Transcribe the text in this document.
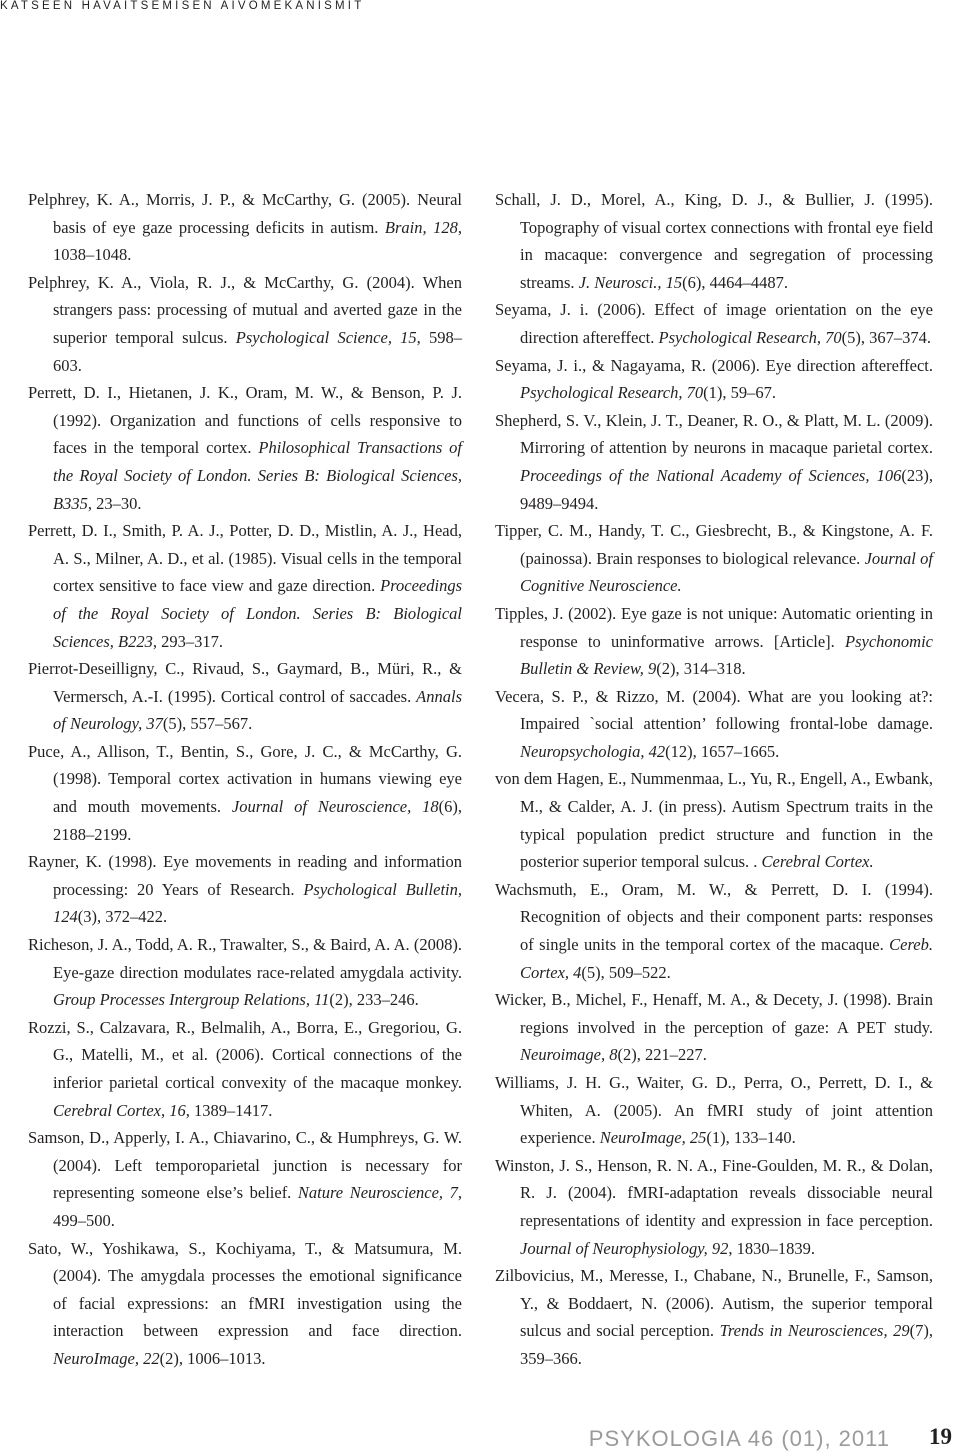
KATSEEN HAVAITSEMISEN AIVOMEKANISMIT

Pelphrey, K. A., Morris, J. P., & McCarthy, G. (2005). Neural basis of eye gaze processing deficits in autism. Brain, 128, 1038–1048.

Pelphrey, K. A., Viola, R. J., & McCarthy, G. (2004). When strangers pass: processing of mutual and averted gaze in the superior temporal sulcus. Psychological Science, 15, 598–603.

Perrett, D. I., Hietanen, J. K., Oram, M. W., & Benson, P. J. (1992). Organization and functions of cells responsive to faces in the temporal cortex. Philosophical Transactions of the Royal Society of London. Series B: Biological Sciences, B335, 23–30.

Perrett, D. I., Smith, P. A. J., Potter, D. D., Mistlin, A. J., Head, A. S., Milner, A. D., et al. (1985). Visual cells in the temporal cortex sensitive to face view and gaze direction. Proceedings of the Royal Society of London. Series B: Biological Sciences, B223, 293–317.

Pierrot-Deseilligny, C., Rivaud, S., Gaymard, B., Müri, R., & Vermersch, A.-I. (1995). Cortical control of saccades. Annals of Neurology, 37(5), 557–567.

Puce, A., Allison, T., Bentin, S., Gore, J. C., & McCarthy, G. (1998). Temporal cortex activation in humans viewing eye and mouth movements. Journal of Neuroscience, 18(6), 2188–2199.

Rayner, K. (1998). Eye movements in reading and information processing: 20 Years of Research. Psychological Bulletin, 124(3), 372–422.

Richeson, J. A., Todd, A. R., Trawalter, S., & Baird, A. A. (2008). Eye-gaze direction modulates race-related amygdala activity. Group Processes Intergroup Relations, 11(2), 233–246.

Rozzi, S., Calzavara, R., Belmalih, A., Borra, E., Gregoriou, G. G., Matelli, M., et al. (2006). Cortical connections of the inferior parietal cortical convexity of the macaque monkey. Cerebral Cortex, 16, 1389–1417.

Samson, D., Apperly, I. A., Chiavarino, C., & Humphreys, G. W. (2004). Left temporoparietal junction is necessary for representing someone else’s belief. Nature Neuroscience, 7, 499–500.

Sato, W., Yoshikawa, S., Kochiyama, T., & Matsumura, M. (2004). The amygdala processes the emotional significance of facial expressions: an fMRI investigation using the interaction between expression and face direction. NeuroImage, 22(2), 1006–1013.

Schall, J. D., Morel, A., King, D. J., & Bullier, J. (1995). Topography of visual cortex connections with frontal eye field in macaque: convergence and segregation of processing streams. J. Neurosci., 15(6), 4464–4487.

Seyama, J. i. (2006). Effect of image orientation on the eye direction aftereffect. Psychological Research, 70(5), 367–374.

Seyama, J. i., & Nagayama, R. (2006). Eye direction aftereffect. Psychological Research, 70(1), 59–67.

Shepherd, S. V., Klein, J. T., Deaner, R. O., & Platt, M. L. (2009). Mirroring of attention by neurons in macaque parietal cortex. Proceedings of the National Academy of Sciences, 106(23), 9489–9494.

Tipper, C. M., Handy, T. C., Giesbrecht, B., & Kingstone, A. F. (painossa). Brain responses to biological relevance. Journal of Cognitive Neuroscience.

Tipples, J. (2002). Eye gaze is not unique: Automatic orienting in response to uninformative arrows. [Article]. Psychonomic Bulletin & Review, 9(2), 314–318.

Vecera, S. P., & Rizzo, M. (2004). What are you looking at?: Impaired `social attention’ following frontal-lobe damage. Neuropsychologia, 42(12), 1657–1665.

von dem Hagen, E., Nummenmaa, L., Yu, R., Engell, A., Ewbank, M., & Calder, A. J. (in press). Autism Spectrum traits in the typical population predict structure and function in the posterior superior temporal sulcus. . Cerebral Cortex.

Wachsmuth, E., Oram, M. W., & Perrett, D. I. (1994). Recognition of objects and their component parts: responses of single units in the temporal cortex of the macaque. Cereb. Cortex, 4(5), 509–522.

Wicker, B., Michel, F., Henaff, M. A., & Decety, J. (1998). Brain regions involved in the perception of gaze: A PET study. Neuroimage, 8(2), 221–227.

Williams, J. H. G., Waiter, G. D., Perra, O., Perrett, D. I., & Whiten, A. (2005). An fMRI study of joint attention experience. NeuroImage, 25(1), 133–140.

Winston, J. S., Henson, R. N. A., Fine-Goulden, M. R., & Dolan, R. J. (2004). fMRI-adaptation reveals dissociable neural representations of identity and expression in face perception. Journal of Neurophysiology, 92, 1830–1839.

Zilbovicius, M., Meresse, I., Chabane, N., Brunelle, F., Samson, Y., & Boddaert, N. (2006). Autism, the superior temporal sulcus and social perception. Trends in Neurosciences, 29(7), 359–366.

PSYKOLOGIA 46 (01), 2011 19
